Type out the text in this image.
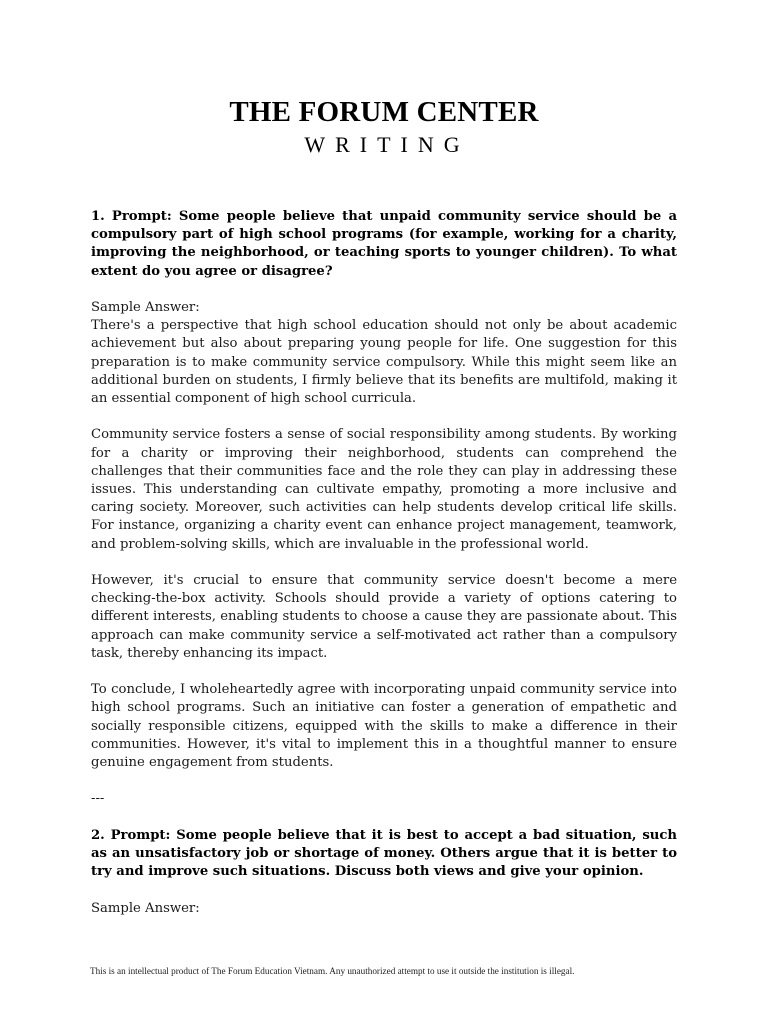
THE FORUM CENTER
WRITING

1. Prompt: Some people believe that unpaid community service should be a compulsory part of high school programs (for example, working for a charity, improving the neighborhood, or teaching sports to younger children). To what extent do you agree or disagree?

Sample Answer:
There's a perspective that high school education should not only be about academic achievement but also about preparing young people for life. One suggestion for this preparation is to make community service compulsory. While this might seem like an additional burden on students, I firmly believe that its benefits are multifold, making it an essential component of high school curricula.

Community service fosters a sense of social responsibility among students. By working for a charity or improving their neighborhood, students can comprehend the challenges that their communities face and the role they can play in addressing these issues. This understanding can cultivate empathy, promoting a more inclusive and caring society. Moreover, such activities can help students develop critical life skills. For instance, organizing a charity event can enhance project management, teamwork, and problem-solving skills, which are invaluable in the professional world.

However, it's crucial to ensure that community service doesn't become a mere checking-the-box activity. Schools should provide a variety of options catering to different interests, enabling students to choose a cause they are passionate about. This approach can make community service a self-motivated act rather than a compulsory task, thereby enhancing its impact.

To conclude, I wholeheartedly agree with incorporating unpaid community service into high school programs. Such an initiative can foster a generation of empathetic and socially responsible citizens, equipped with the skills to make a difference in their communities. However, it's vital to implement this in a thoughtful manner to ensure genuine engagement from students.

---

2. Prompt: Some people believe that it is best to accept a bad situation, such as an unsatisfactory job or shortage of money. Others argue that it is better to try and improve such situations. Discuss both views and give your opinion.

Sample Answer:

This is an intellectual product of The Forum Education Vietnam. Any unauthorized attempt to use it outside the institution is illegal.
